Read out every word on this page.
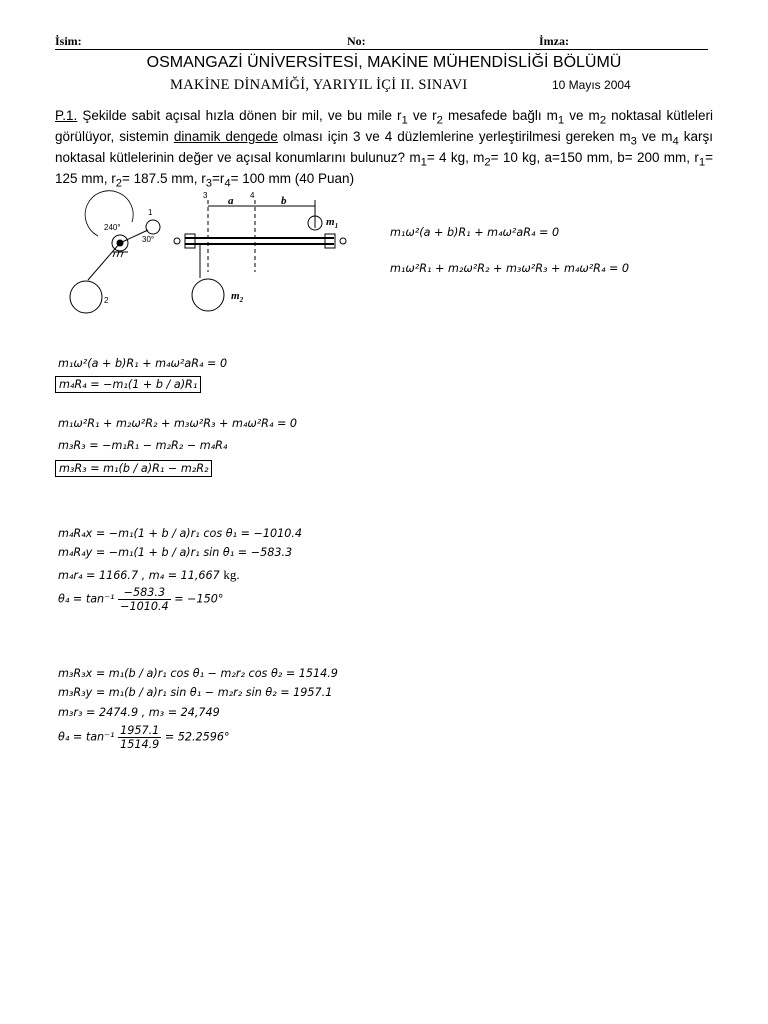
İsim:	No:	İmza:
OSMANGAZİ ÜNİVERSİTESİ, MAKİNE MÜHENDİSLİĞİ BÖLÜMÜ
MAKİNE DİNAMİĞİ, YARIYIL İÇİ II. SINAVI	10 Mayıs 2004
P.1. Şekilde sabit açısal hızla dönen bir mil, ve bu mile $r_1$ ve $r_2$ mesafede bağlı $m_1$ ve $m_2$ noktasal kütleleri görülüyor, sistemin dinamik dengede olması için 3 ve 4 düzlemlerine yerleştirilmesi gereken $m_3$ ve $m_4$ karşı noktasal kütlelerinin değer ve açısal konumlarını bulunuz? $m_1= 4$ kg, $m_2= 10$ kg, a=150 mm, b= 200 mm, $r_1= 125$ mm, $r_2= 187.5$ mm, $r_3=r_4= 100$ mm (40 Puan)
240°
30°
1
2
3	4
a	b
$m_1$
$m_2$
m₁ω²(a + b)R₁ + m₄ω²aR₄ = 0
m₁ω²R₁ + m₂ω²R₂ + m₃ω²R₃ + m₄ω²R₄ = 0
m₁ω²(a + b)R₁ + m₄ω²aR₄ = 0
m₄R₄ = −m₁(1 + b / a)R₁
m₁ω²R₁ + m₂ω²R₂ + m₃ω²R₃ + m₄ω²R₄ = 0
m₃R₃ = −m₁R₁ − m₂R₂ − m₄R₄
m₃R₃ = m₁(b / a)R₁ − m₂R₂
m₄R₄x = −m₁(1 + b / a)r₁ cos θ₁ = −1010.4
m₄R₄y = −m₁(1 + b / a)r₁ sin θ₁ = −583.3
m₄r₄ = 1166.7 , m₄ = 11,667 kg.
$\theta_4 = \tan^{-1} \frac{-583.3}{-1010.4} = -150^\circ$
m₃R₃x = m₁(b / a)r₁ cos θ₁ − m₂r₂ cos θ₂ = 1514.9
m₃R₃y = m₁(b / a)r₁ sin θ₁ − m₂r₂ sin θ₂ = 1957.1
m₃r₃ = 2474.9 , m₃ = 24,749
$\theta_4 = \tan^{-1} \frac{1957.1}{1514.9} = 52.2596^\circ$
